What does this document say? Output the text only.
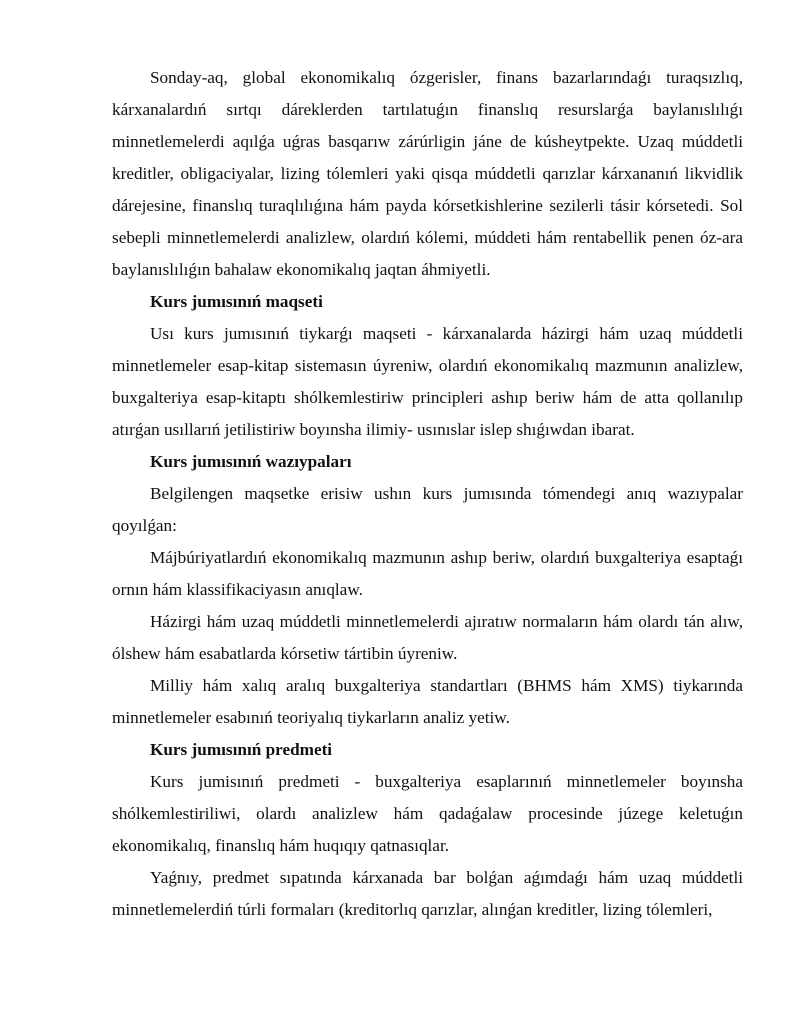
Sonday-aq, global ekonomikalıq ózgerisler, finans bazarlarındaǵı turaqsızlıq, kárxanalardıń sırtqı dáreklerden tartılatuǵın finanslıq resurslarǵa baylanıslılıǵı minnetlemelerdi aqılǵa uǵras basqarıw zárúrligin jáne de kúsheytpekte. Uzaq múddetli kreditler, obligaciyalar, lizing tólemleri yaki qisqa múddetli qarızlar kárxananıń likvidlik dárejesine, finanslıq turaqlılıǵına hám payda kórsetkishlerine sezilerli tásir kórsetedi. Sol sebepli minnetlemelerdi analizlew, olardıń kólemi, múddeti hám rentabellik penen óz-ara baylanıslılıǵın bahalaw ekonomikalıq jaqtan áhmiyetli.

Kurs jumısınıń maqseti

Usı kurs jumısınıń tiykarǵı maqseti - kárxanalarda házirgi hám uzaq múddetli minnetlemeler esap-kitap sistemasın úyreniw, olardıń ekonomikalıq mazmunın analizlew, buxgalteriya esap-kitaptı shólkemlestiriw principleri ashıp beriw hám de atta qollanılıp atırǵan usıllarıń jetilistiriw boyınsha ilimiy- usınıslar islep shıǵıwdan ibarat.

Kurs jumısınıń wazıypaları

Belgilengen maqsetke erisiw ushın kurs jumısında tómendegi anıq wazıypalar qoyılǵan:

Májbúriyatlardıń ekonomikalıq mazmunın ashıp beriw, olardıń buxgalteriya esaptaǵı ornın hám klassifikaciyasın anıqlaw.

Házirgi hám uzaq múddetli minnetlemelerdi ajıratıw normaların hám olardı tán alıw, ólshew hám esabatlarda kórsetiw tártibin úyreniw.

Milliy hám xalıq aralıq buxgalteriya standartları (BHMS hám XMS) tiykarında minnetlemeler esabınıń teoriyalıq tiykarların analiz yetiw.

Kurs jumısınıń predmeti

Kurs jumisınıń predmeti - buxgalteriya esaplarınıń minnetlemeler boyınsha shólkemlestiriliwi, olardı analizlew hám qadaǵalaw procesinde júzege keletuǵın ekonomikalıq, finanslıq hám huqıqıy qatnasıqlar.

Yaǵnıy, predmet sıpatında kárxanada bar bolǵan aǵımdaǵı hám uzaq múddetli minnetlemelerdiń túrli formaları (kreditorlıq qarızlar, alınǵan kreditler, lizing tólemleri,
